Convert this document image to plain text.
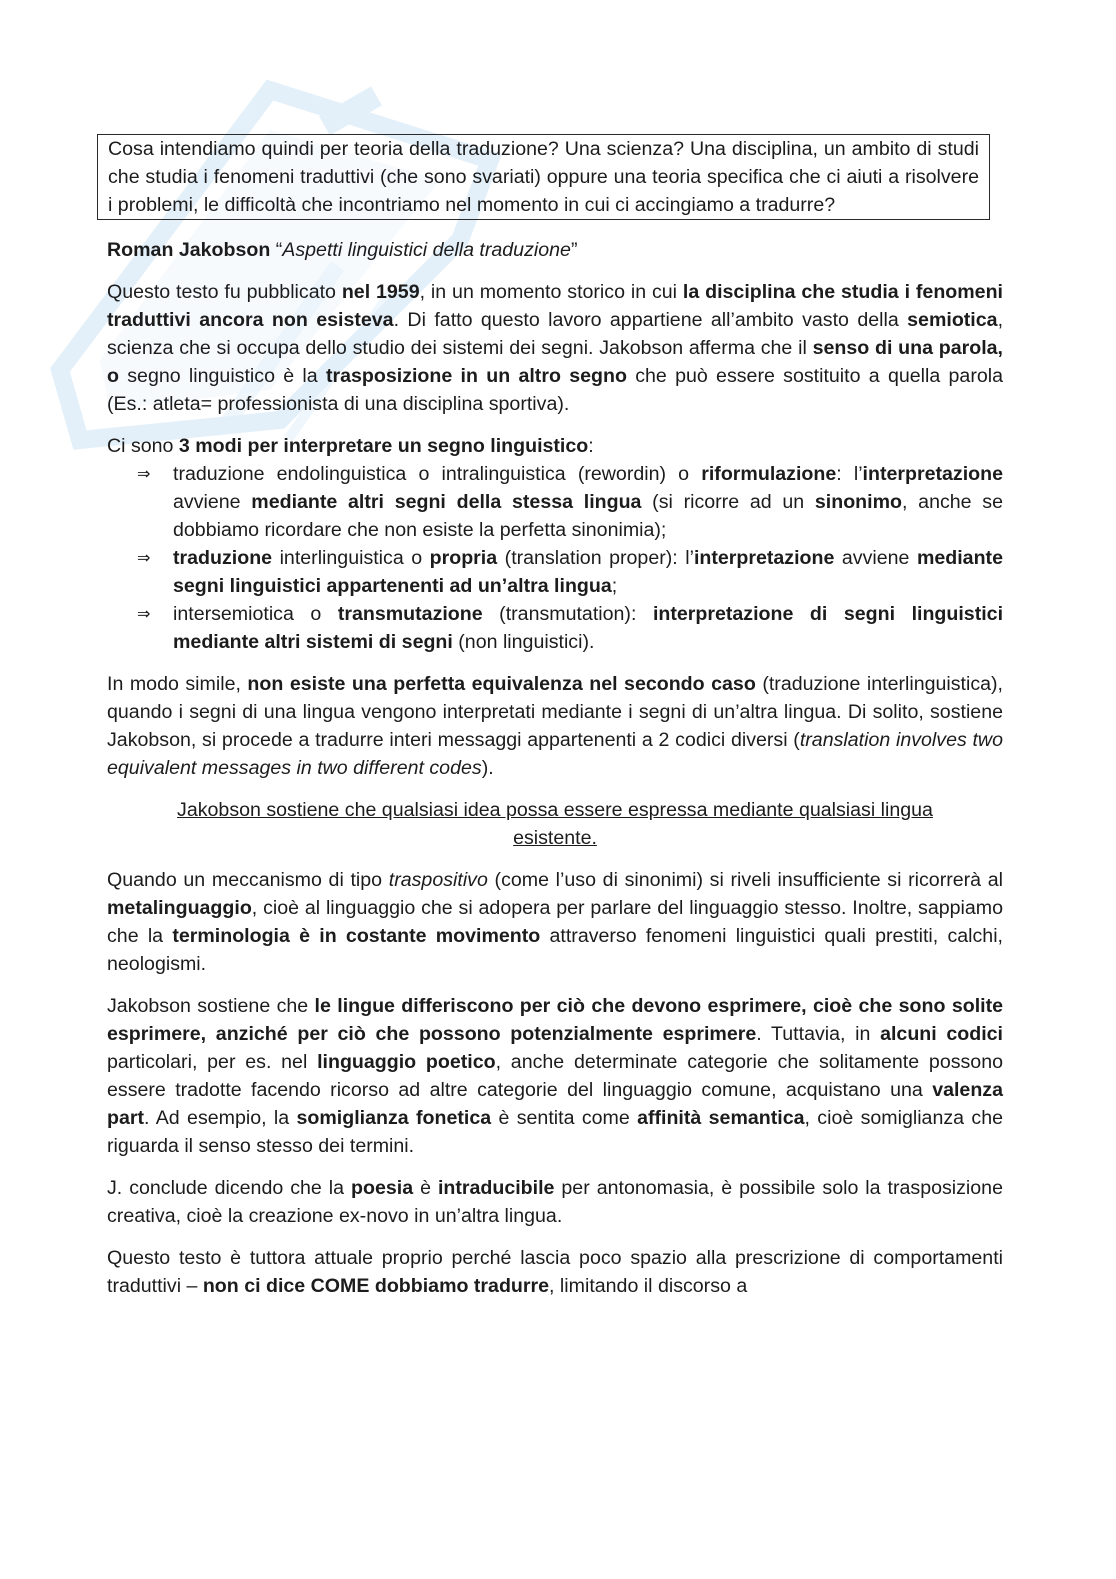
Cosa intendiamo quindi per teoria della traduzione? Una scienza? Una disciplina, un ambito di studi che studia i fenomeni traduttivi (che sono svariati) oppure una teoria specifica che ci aiuti a risolvere i problemi, le difficoltà che incontriamo nel momento in cui ci accingiamo a tradurre?

Roman Jakobson “Aspetti linguistici della traduzione”

Questo testo fu pubblicato nel 1959, in un momento storico in cui la disciplina che studia i fenomeni traduttivi ancora non esisteva. Di fatto questo lavoro appartiene all’ambito vasto della semiotica, scienza che si occupa dello studio dei sistemi dei segni. Jakobson afferma che il senso di una parola, o segno linguistico è la trasposizione in un altro segno che può essere sostituito a quella parola (Es.: atleta= professionista di una disciplina sportiva).

Ci sono 3 modi per interpretare un segno linguistico:

⇒ traduzione endolinguistica o intralinguistica (rewordin) o riformulazione: l’interpretazione avviene mediante altri segni della stessa lingua (si ricorre ad un sinonimo, anche se dobbiamo ricordare che non esiste la perfetta sinonimia);
⇒ traduzione interlinguistica o propria (translation proper): l’interpretazione avviene mediante segni linguistici appartenenti ad un’altra lingua;
⇒ intersemiotica o transmutazione (transmutation): interpretazione di segni linguistici mediante altri sistemi di segni (non linguistici).

In modo simile, non esiste una perfetta equivalenza nel secondo caso (traduzione interlinguistica), quando i segni di una lingua vengono interpretati mediante i segni di un’altra lingua. Di solito, sostiene Jakobson, si procede a tradurre interi messaggi appartenenti a 2 codici diversi (translation involves two equivalent messages in two different codes).

Jakobson sostiene che qualsiasi idea possa essere espressa mediante qualsiasi lingua esistente.

Quando un meccanismo di tipo traspositivo (come l’uso di sinonimi) si riveli insufficiente si ricorrerà al metalinguaggio, cioè al linguaggio che si adopera per parlare del linguaggio stesso. Inoltre, sappiamo che la terminologia è in costante movimento attraverso fenomeni linguistici quali prestiti, calchi, neologismi.

Jakobson sostiene che le lingue differiscono per ciò che devono esprimere, cioè che sono solite esprimere, anziché per ciò che possono potenzialmente esprimere. Tuttavia, in alcuni codici particolari, per es. nel linguaggio poetico, anche determinate categorie che solitamente possono essere tradotte facendo ricorso ad altre categorie del linguaggio comune, acquistano una valenza part. Ad esempio, la somiglianza fonetica è sentita come affinità semantica, cioè somiglianza che riguarda il senso stesso dei termini.

J. conclude dicendo che la poesia è intraducibile per antonomasia, è possibile solo la trasposizione creativa, cioè la creazione ex-novo in un’altra lingua.

Questo testo è tuttora attuale proprio perché lascia poco spazio alla prescrizione di comportamenti traduttivi – non ci dice COME dobbiamo tradurre, limitando il discorso a
